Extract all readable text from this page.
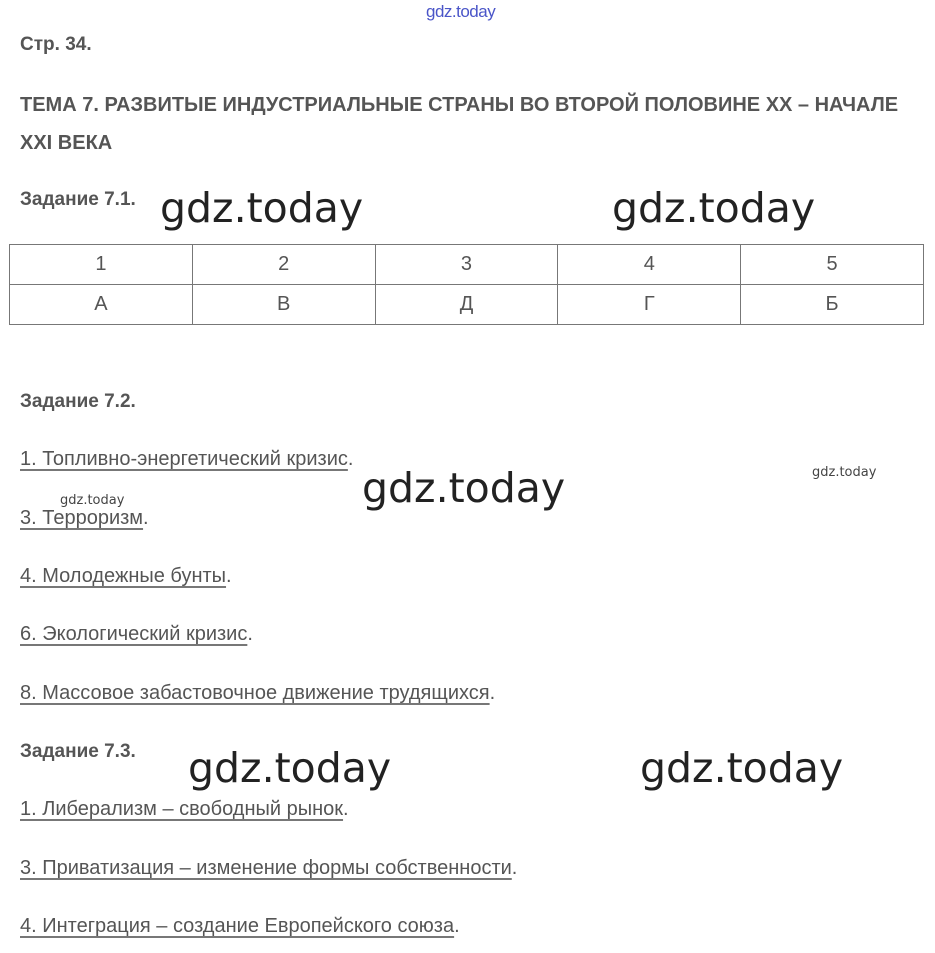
gdz.today
gdz.today	gdz.today
gdz.today
gdz.today	gdz.today
gdz.today
gdz.today
Стр. 34.
ТЕМА 7. РАЗВИТЫЕ ИНДУСТРИАЛЬНЫЕ СТРАНЫ ВО ВТОРОЙ ПОЛОВИНЕ XX – НАЧАЛЕ XXI ВЕКА
Задание 7.1.
1	2	3	4	5
А	В	Д	Г	Б
Задание 7.2.
1. Топливно-энергетический кризис.
3. Терроризм.
4. Молодежные бунты.
6. Экологический кризис.
8. Массовое забастовочное движение трудящихся.
Задание 7.3.
1. Либерализм – свободный рынок.
3. Приватизация – изменение формы собственности.
4. Интеграция – создание Европейского союза.
